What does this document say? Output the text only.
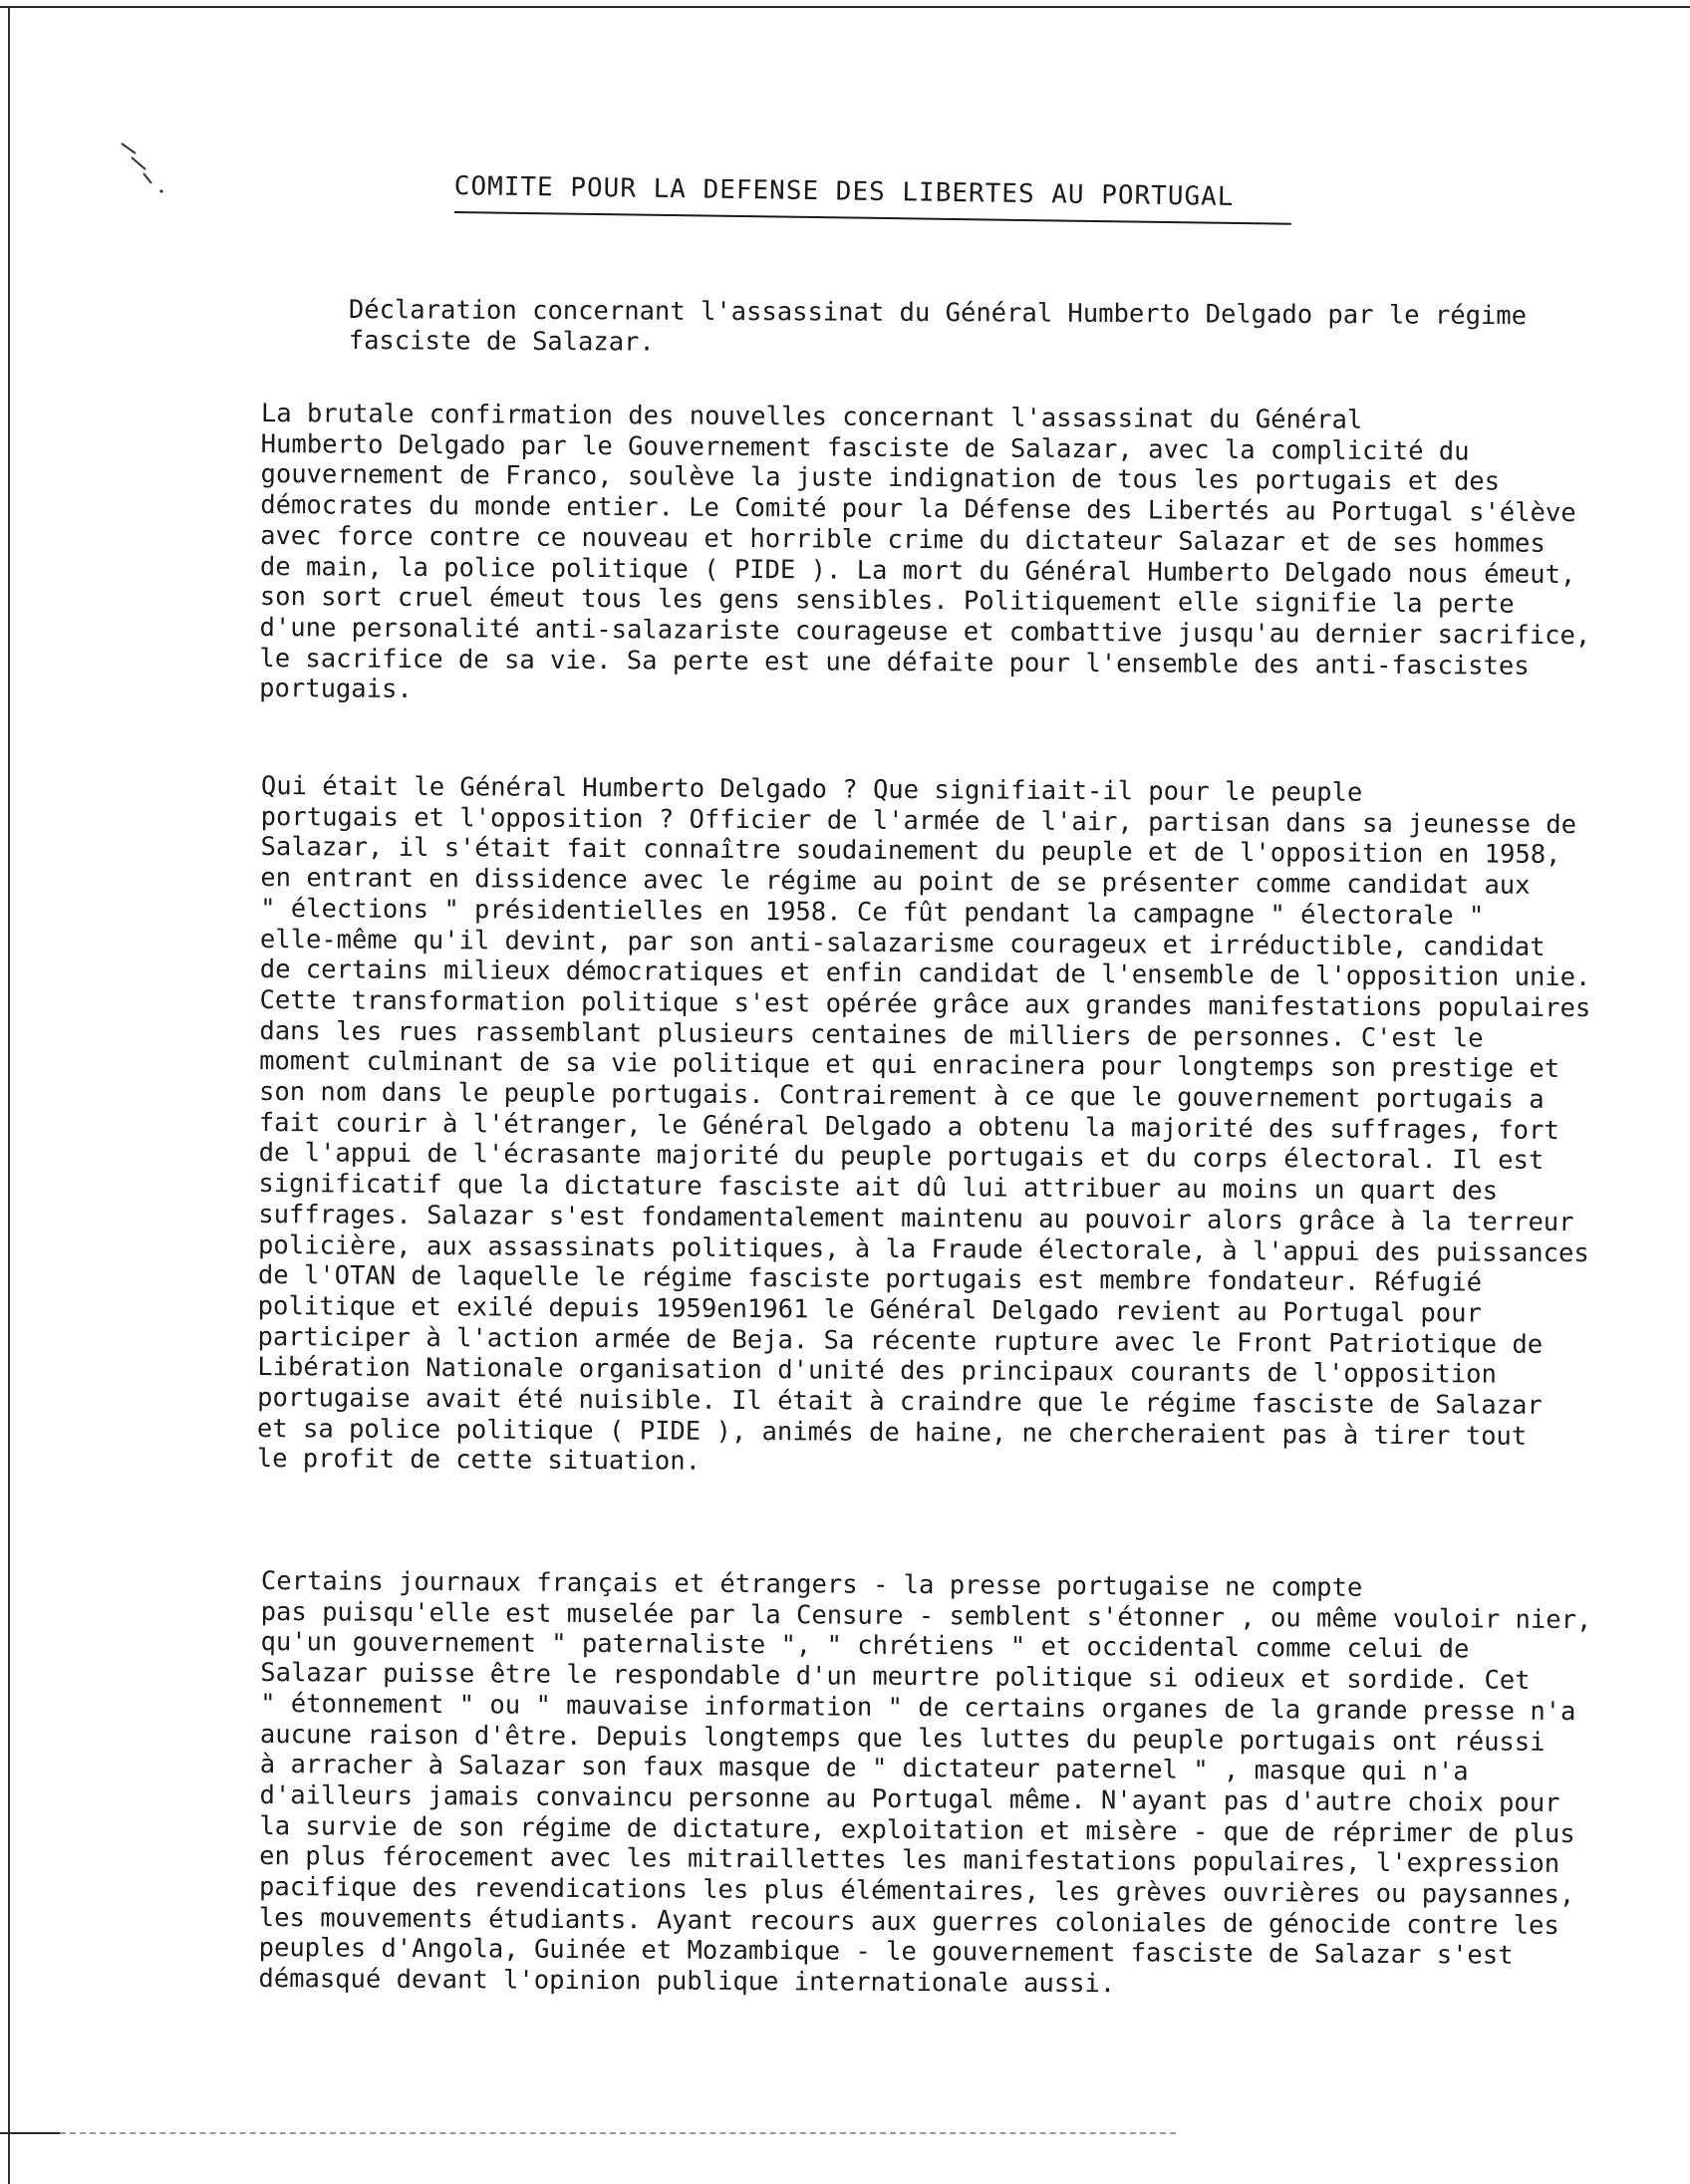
COMITE POUR LA DEFENSE DES LIBERTES AU PORTUGAL
Déclaration concernant l'assassinat du Général Humberto Delgado par le régime
fasciste de Salazar.
La brutale confirmation des nouvelles concernant l'assassinat du Général
Humberto Delgado par le Gouvernement fasciste de Salazar, avec la complicité du
gouvernement de Franco, soulève la juste indignation de tous les portugais et des
démocrates du monde entier. Le Comité pour la Défense des Libertés au Portugal s'élève
avec force contre ce nouveau et horrible crime du dictateur Salazar et de ses hommes
de main, la police politique ( PIDE ). La mort du Général Humberto Delgado nous émeut,
son sort cruel émeut tous les gens sensibles. Politiquement elle signifie la perte
d'une personalité anti-salazariste courageuse et combattive jusqu'au dernier sacrifice,
le sacrifice de sa vie. Sa perte est une défaite pour l'ensemble des anti-fascistes
portugais.
Qui était le Général Humberto Delgado ? Que signifiait-il pour le peuple
portugais et l'opposition ? Officier de l'armée de l'air, partisan dans sa jeunesse de
Salazar, il s'était fait connaître soudainement du peuple et de l'opposition en 1958,
en entrant en dissidence avec le régime au point de se présenter comme candidat aux
" élections " présidentielles en 1958. Ce fût pendant la campagne " électorale "
elle-même qu'il devint, par son anti-salazarisme courageux et irréductible, candidat
de certains milieux démocratiques et enfin candidat de l'ensemble de l'opposition unie.
Cette transformation politique s'est opérée grâce aux grandes manifestations populaires
dans les rues rassemblant plusieurs centaines de milliers de personnes. C'est le
moment culminant de sa vie politique et qui enracinera pour longtemps son prestige et
son nom dans le peuple portugais. Contrairement à ce que le gouvernement portugais a
fait courir à l'étranger, le Général Delgado a obtenu la majorité des suffrages, fort
de l'appui de l'écrasante majorité du peuple portugais et du corps électoral. Il est
significatif que la dictature fasciste ait dû lui attribuer au moins un quart des
suffrages. Salazar s'est fondamentalement maintenu au pouvoir alors grâce à la terreur
policière, aux assassinats politiques, à la Fraude électorale, à l'appui des puissances
de l'OTAN de laquelle le régime fasciste portugais est membre fondateur. Réfugié
politique et exilé depuis 1959en1961 le Général Delgado revient au Portugal pour
participer à l'action armée de Beja. Sa récente rupture avec le Front Patriotique de
Libération Nationale organisation d'unité des principaux courants de l'opposition
portugaise avait été nuisible. Il était à craindre que le régime fasciste de Salazar
et sa police politique ( PIDE ), animés de haine, ne chercheraient pas à tirer tout
le profit de cette situation.
Certains journaux français et étrangers - la presse portugaise ne compte
pas puisqu'elle est muselée par la Censure - semblent s'étonner , ou même vouloir nier,
qu'un gouvernement " paternaliste ", " chrétiens " et occidental comme celui de
Salazar puisse être le respondable d'un meurtre politique si odieux et sordide. Cet
" étonnement " ou " mauvaise information " de certains organes de la grande presse n'a
aucune raison d'être. Depuis longtemps que les luttes du peuple portugais ont réussi
à arracher à Salazar son faux masque de " dictateur paternel " , masque qui n'a
d'ailleurs jamais convaincu personne au Portugal même. N'ayant pas d'autre choix pour
la survie de son régime de dictature, exploitation et misère - que de réprimer de plus
en plus férocement avec les mitraillettes les manifestations populaires, l'expression
pacifique des revendications les plus élémentaires, les grèves ouvrières ou paysannes,
les mouvements étudiants. Ayant recours aux guerres coloniales de génocide contre les
peuples d'Angola, Guinée et Mozambique - le gouvernement fasciste de Salazar s'est
démasqué devant l'opinion publique internationale aussi.
